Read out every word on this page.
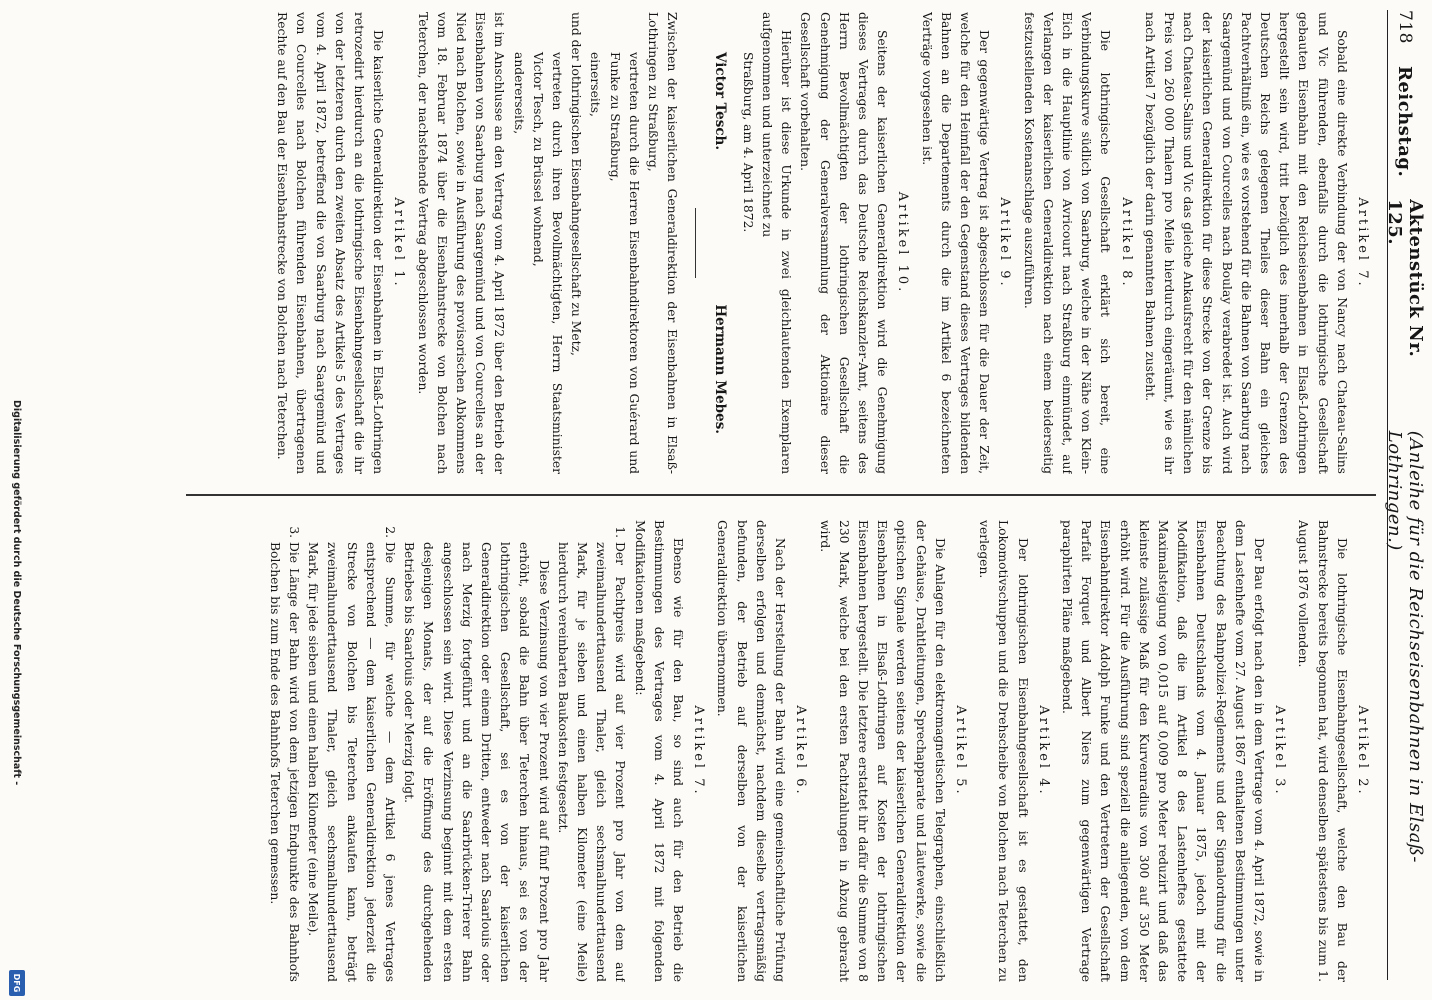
718
Reichstag.
Aktenstück Nr. 125.
(Anleihe für die Reichseisenbahnen in Elsaß-Lothringen.)
Artikel 7.

Sobald eine direkte Verbindung der von Nancy nach Chateau-Salins und Vic führenden, ebenfalls durch die lothringische Gesellschaft gebauten Eisenbahn mit den Reichseisenbahnen in Elsaß-Lothringen hergestellt sein wird, tritt bezüglich des innerhalb der Grenzen des Deutschen Reichs gelegenen Theiles dieser Bahn ein gleiches Pachtverhältniß ein, wie es vorstehend für die Bahnen von Saarburg nach Saargemünd und von Courcelles nach Boulay verabredet ist. Auch wird der kaiserlichen Generaldirektion für diese Strecke von der Grenze bis nach Chateau-Salins und Vic das gleiche Ankaufsrecht für den nämlichen Preis von 260 000 Thalern pro Meile hierdurch eingeräumt, wie es ihr nach Artikel 7 bezüglich der darin genannten Bahnen zusteht.

Artikel 8.

Die lothringische Gesellschaft erklärt sich bereit, eine Verbindungskurve südlich von Saarburg, welche in der Nähe von Klein-Eich in die Hauptlinie von Avricourt nach Straßburg einmündet, auf Verlangen der kaiserlichen Generaldirektion nach einem beiderseitig festzustellenden Kostenanschlage auszuführen.

Artikel 9.

Der gegenwärtige Vertrag ist abgeschlossen für die Dauer der Zeit, welche für den Heimfall der den Gegenstand dieses Vertrages bildenden Bahnen an die Departements durch die im Artikel 6 bezeichneten Verträge vorgesehen ist.

Artikel 10.

Seitens der kaiserlichen Generaldirektion wird die Genehmigung dieses Vertrages durch das Deutsche Reichskanzler-Amt, seitens des Herrn Bevollmächtigten der lothringischen Gesellschaft die Genehmigung der Generalversammlung der Aktionäre dieser Gesellschaft vorbehalten.

Hierüber ist diese Urkunde in zwei gleichlautenden Exemplaren aufgenommen und unterzeichnet zu

Straßburg, am 4. April 1872.

Victor Tesch.
Hermann Mebes.

Zwischen der kaiserlichen Generaldirektion der Eisenbahnen in Elsaß-Lothringen zu Straßburg,

vertreten durch die Herren Eisenbahndirektoren von Guérard und Funke zu Straßburg,

einerseits,

und der lothringischen Eisenbahngesellschaft zu Metz,

vertreten durch ihren Bevollmächtigten, Herrn Staatsminister Victor Tesch, zu Brüssel wohnend,

andererseits,

ist im Anschlusse an den Vertrag vom 4. April 1872 über den Betrieb der Eisenbahnen von Saarburg nach Saargemünd und von Courcelles an der Nied nach Bolchen, sowie in Ausführung des provisorischen Abkommens vom 18. Februar 1874 über die Eisenbahnstrecke von Bolchen nach Teterchen, der nachstehende Vertrag abgeschlossen worden.

Artikel 1.

Die kaiserliche Generaldirektion der Eisenbahnen in Elsaß-Lothringen retrozedirt hierdurch an die lothringische Eisenbahngesellschaft die ihr von der letzteren durch den zweiten Absatz des Artikels 5 des Vertrages vom 4. April 1872, betreffend die von Saarburg nach Saargemünd und von Courcelles nach Bolchen führenden Eisenbahnen, übertragenen Rechte auf den Bau der Eisenbahnstrecke von Bolchen nach Teterchen.

Artikel 2.

Die lothringische Eisenbahngesellschaft, welche den Bau der Bahnstrecke bereits begonnen hat, wird denselben spätestens bis zum 1. August 1876 vollenden.

Artikel 3.

Der Bau erfolgt nach den in dem Vertrage vom 4. April 1872, sowie in dem Lastenhefte vom 27. August 1867 enthaltenen Bestimmungen unter Beachtung des Bahnpolizei-Reglements und der Signalordnung für die Eisenbahnen Deutschlands vom 4. Januar 1875, jedoch mit der Modifikation, daß die im Artikel 8 des Lastenheftes gestattete Maximalsteigung von 0,015 auf 0,009 pro Meter reduzirt und daß das kleinste zulässige Maß für den Kurvenradius von 300 auf 350 Meter erhöht wird. Für die Ausführung sind speziell die anliegenden, von dem Eisenbahndirektor Adolph Funke und den Vertretern der Gesellschaft Parfait Forquet und Albert Niers zum gegenwärtigen Vertrage paraphirten Pläne maßgebend.

Artikel 4.

Der lothringischen Eisenbahngesellschaft ist es gestattet, den Lokomotivschuppen und die Drehscheibe von Bolchen nach Teterchen zu verlegen.

Artikel 5.

Die Anlagen für den elektromagnetischen Telegraphen, einschließlich der Gehäuse, Drahtleitungen, Sprechapparate und Läutewerke, sowie die optischen Signale werden seitens der kaiserlichen Generaldirektion der Eisenbahnen in Elsaß-Lothringen auf Kosten der lothringischen Eisenbahnen hergestellt. Die letztere erstattet ihr dafür die Summe von 8 230 Mark, welche bei den ersten Pachtzahlungen in Abzug gebracht wird.

Artikel 6.

Nach der Herstellung der Bahn wird eine gemeinschaftliche Prüfung derselben erfolgen und demnächst, nachdem dieselbe vertragsmäßig befunden, der Betrieb auf derselben von der kaiserlichen Generaldirektion übernommen.

Artikel 7.

Ebenso wie für den Bau, so sind auch für den Betrieb die Bestimmungen des Vertrages vom 4. April 1872 mit folgenden Modifikationen maßgebend:

1. Der Pachtpreis wird auf vier Prozent pro Jahr von dem auf zweimalhunderttausend Thaler, gleich sechsmalhunderttausend Mark, für je sieben und einen halben Kilometer (eine Meile) hierdurch vereinbarten Baukosten festgesetzt.

Diese Verzinsung von vier Prozent wird auf fünf Prozent pro Jahr erhöht, sobald die Bahn über Teterchen hinaus, sei es von der lothringischen Gesellschaft, sei es von der kaiserlichen Generaldirektion oder einem Dritten, entweder nach Saarlouis oder nach Merzig fortgeführt und an die Saarbrücken-Trierer Bahn angeschlossen sein wird. Diese Verzinsung beginnt mit dem ersten desjenigen Monats, der auf die Eröffnung des durchgehenden Betriebes bis Saarlouis oder Merzig folgt.

2. Die Summe, für welche — dem Artikel 6 jenes Vertrages entsprechend — dem kaiserlichen Generaldirektion jederzeit die Strecke von Bolchen bis Teterchen ankaufen kann, beträgt zweimalhunderttausend Thaler, gleich sechsmalhunderttausend Mark, für jede sieben und einen halben Kilometer (eine Meile).

3. Die Länge der Bahn wird von dem jetzigen Endpunkte des Bahnhofs Bolchen bis zum Ende des Bahnhofs Teterchen gemessen.

Digitalisierung gefördert durch die Deutsche Forschungsgemeinschaft -
DFG
